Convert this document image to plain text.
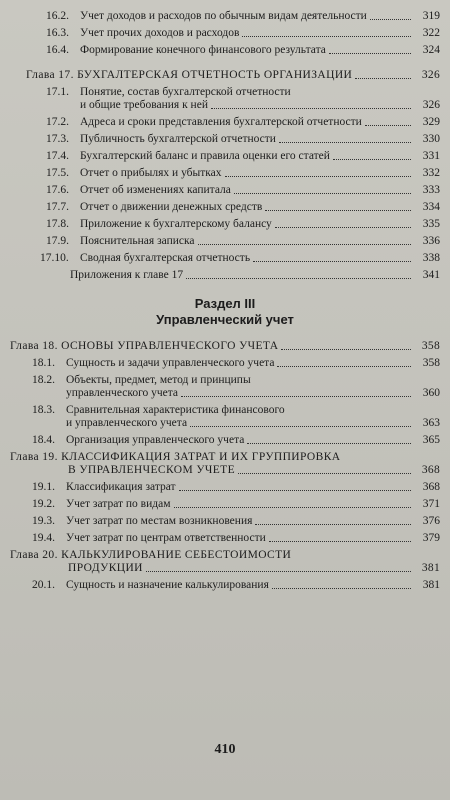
16.2. Учет доходов и расходов по обычным видам деятельности	319
16.3. Учет прочих доходов и расходов	322
16.4. Формирование конечного финансового результата	324
Глава 17. БУХГАЛТЕРСКАЯ ОТЧЕТНОСТЬ ОРГАНИЗАЦИИ	326
17.1. Понятие, состав бухгалтерской отчетности
и общие требования к ней	326
17.2. Адреса и сроки представления бухгалтерской отчетности	329
17.3. Публичность бухгалтерской отчетности	330
17.4. Бухгалтерский баланс и правила оценки его статей	331
17.5. Отчет о прибылях и убытках	332
17.6. Отчет об изменениях капитала	333
17.7. Отчет о движении денежных средств	334
17.8. Приложение к бухгалтерскому балансу	335
17.9. Пояснительная записка	336
17.10. Сводная бухгалтерская отчетность	338
Приложения к главе 17	341
Раздел III
Управленческий учет
Глава 18. ОСНОВЫ УПРАВЛЕНЧЕСКОГО УЧЕТА	358
18.1. Сущность и задачи управленческого учета	358
18.2. Объекты, предмет, метод и принципы
управленческого учета	360
18.3. Сравнительная характеристика финансового
и управленческого учета	363
18.4. Организация управленческого учета	365
Глава 19. КЛАССИФИКАЦИЯ ЗАТРАТ И ИХ ГРУППИРОВКА
В УПРАВЛЕНЧЕСКОМ УЧЕТЕ	368
19.1. Классификация затрат	368
19.2. Учет затрат по видам	371
19.3. Учет затрат по местам возникновения	376
19.4. Учет затрат по центрам ответственности	379
Глава 20. КАЛЬКУЛИРОВАНИЕ СЕБЕСТОИМОСТИ
ПРОДУКЦИИ	381
20.1. Сущность и назначение калькулирования	381
410
